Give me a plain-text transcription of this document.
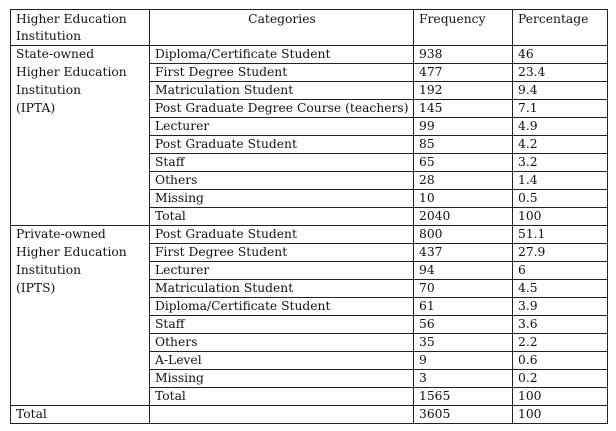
Higher Education Institution	Categories	Frequency	Percentage
State-owned	Diploma/Certificate Student	938	46
Higher Education	First Degree Student	477	23.4
Institution	Matriculation Student	192	9.4
(IPTA)	Post Graduate Degree Course (teachers)	145	7.1
	Lecturer	99	4.9
	Post Graduate Student	85	4.2
	Staff	65	3.2
	Others	28	1.4
	Missing	10	0.5
	Total	2040	100
Private-owned	Post Graduate Student	800	51.1
Higher Education	First Degree Student	437	27.9
Institution	Lecturer	94	6
(IPTS)	Matriculation Student	70	4.5
	Diploma/Certificate Student	61	3.9
	Staff	56	3.6
	Others	35	2.2
	A-Level	9	0.6
	Missing	3	0.2
	Total	1565	100
Total		3605	100
